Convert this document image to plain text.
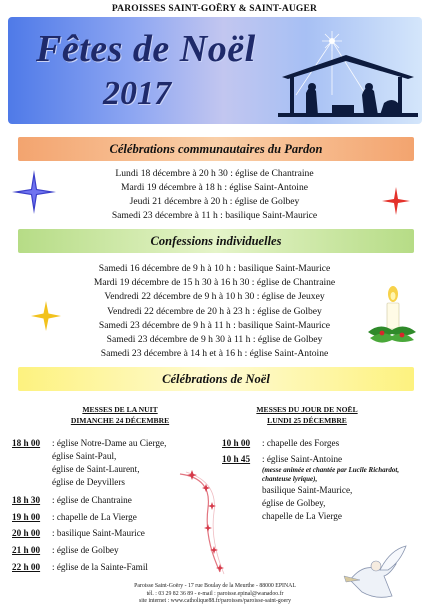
PAROISSES SAINT-GOËRY & SAINT-AUGER
Fêtes de Noël
2017
Célébrations communautaires du Pardon
Lundi 18 décembre à 20 h 30 : église de Chantraine
Mardi 19 décembre à 18 h : église Saint-Antoine
Jeudi 21 décembre à 20 h : église de Golbey
Samedi 23 décembre à 11 h : basilique Saint-Maurice
Confessions individuelles
Samedi 16 décembre de 9 h à 10 h : basilique Saint-Maurice
Mardi 19 décembre de 15 h 30 à 16 h 30 : église de Chantraine
Vendredi 22 décembre de 9 h à 10 h 30 : église de Jeuxey
Vendredi 22 décembre de 20 h à 23 h : église de Golbey
Samedi 23 décembre de 9 h à 11 h : basilique Saint-Maurice
Samedi 23 décembre de 9 h 30 à 11 h : église de Golbey
Samedi 23 décembre à 14 h et à 16 h : église Saint-Antoine
Célébrations de Noël
MESSES DE LA NUIT
DIMANCHE 24 DÉCEMBRE
MESSES DU JOUR DE NOËL
LUNDI 25 DÉCEMBRE
18 h 00 : église Notre-Dame au Cierge,
église Saint-Paul,
église de Saint-Laurent,
église de Deyvillers
18 h 30 : église de Chantraine
19 h 00 : chapelle de La Vierge
20 h 00 : basilique Saint-Maurice
21 h 00 : église de Golbey
22 h 00 : église de la Sainte-Famil
10 h 00 : chapelle des Forges
10 h 45 : église Saint-Antoine
(messe animée et chantée par Lucile Richardot, chanteuse lyrique),
basilique Saint-Maurice,
église de Golbey,
chapelle de La Vierge
Paroisse Saint-Goëry - 17 rue Boulay de la Meurthe - 88000 EPINAL
tél. : 03 29 82 36 89 - e-mail : paroisse.epinal@wanadoo.fr
site internet : www.catholique88.fr/paroisses/paroisse-saint-goery
